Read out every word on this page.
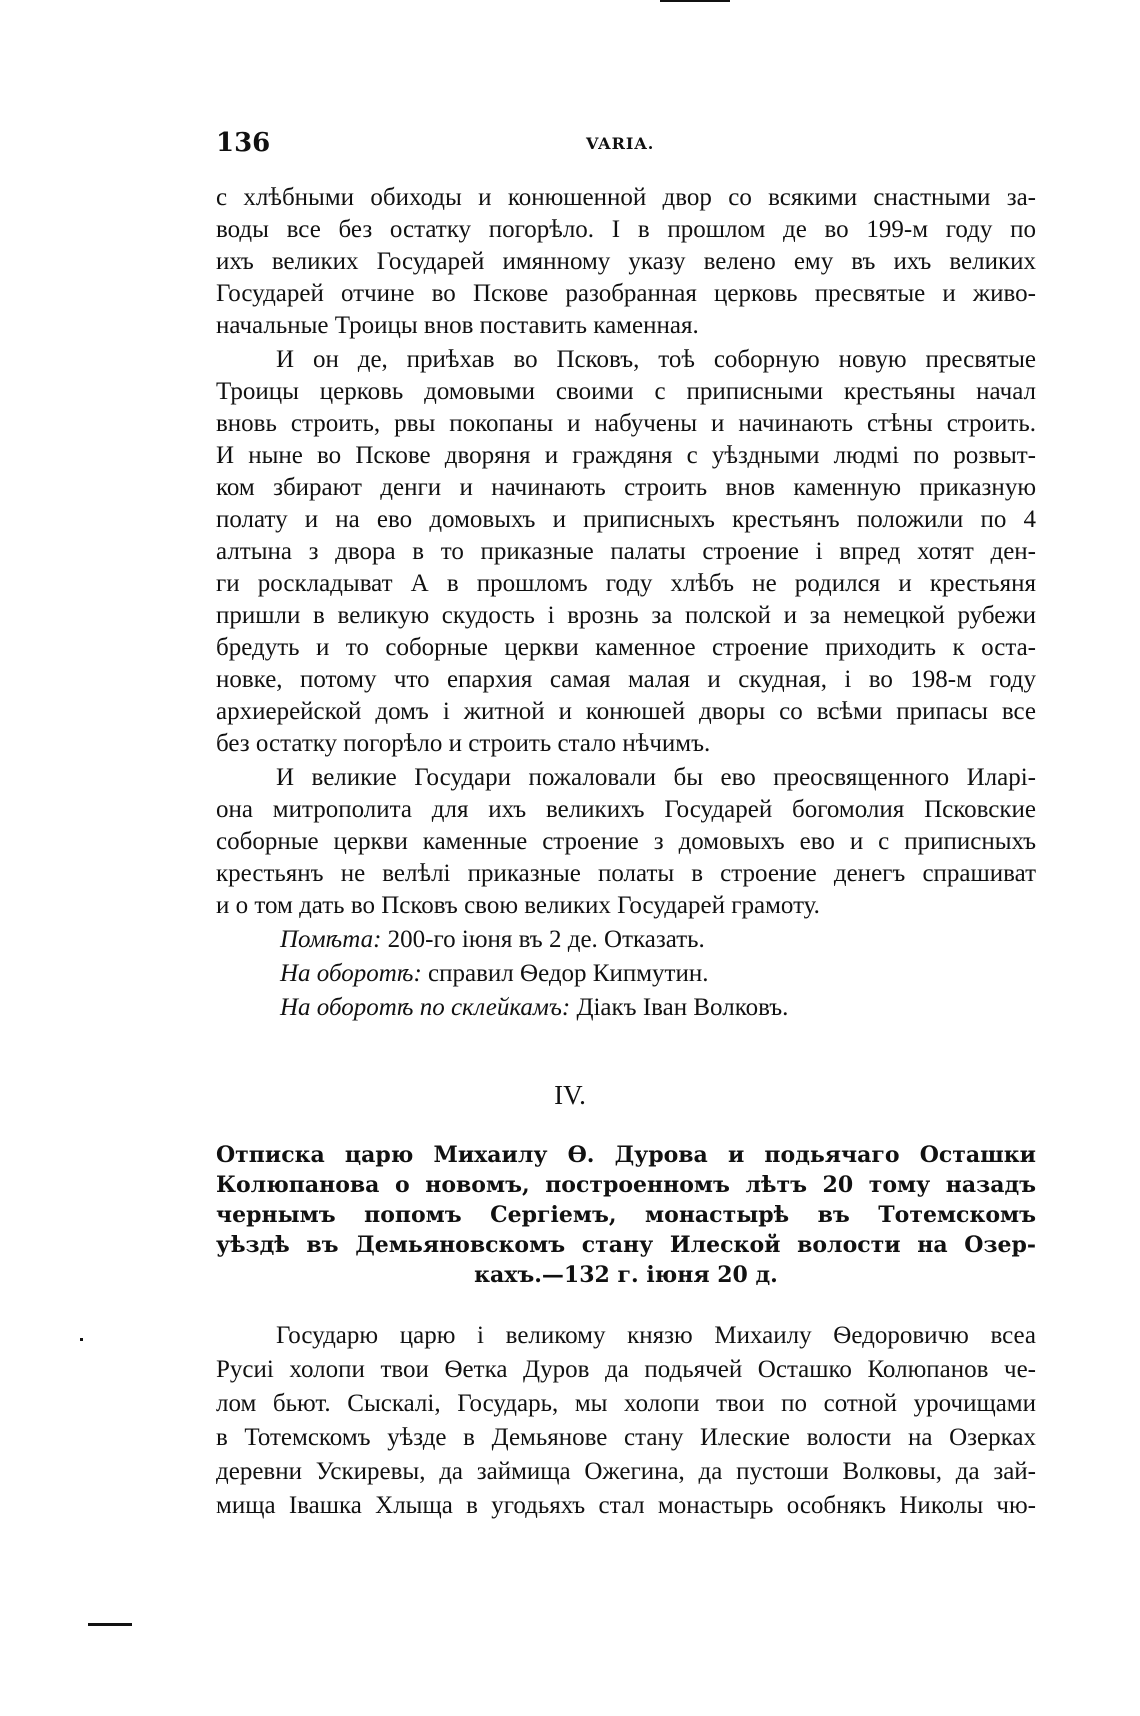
136	VARIA.
с хлѣбными обиходы и конюшенной двор со всякими снастными за-
воды все без остатку погорѣло. I в прошлом де во 199-м году по
ихъ великих Государей имянному указу велено ему въ ихъ великих
Государей отчине во Пскове разобранная церковь пресвятые и живо-
начальные Троицы внов поставить каменная.
И он де, приѣхав во Псковъ, тоѣ соборную новую пресвятые
Троицы церковь домовыми своими с приписными крестьяны начал
вновь строить, рвы покопаны и набучены и начинають стѣны строить.
И ныне во Пскове дворяня и граждяня с уѣздными людмі по розвыт-
ком збирают денги и начинають строить внов каменную приказную
полату и на ево домовыхъ и приписныхъ крестьянъ положили по 4
алтына з двора в то приказные палаты строение і впред хотят ден-
ги роскладыват А в прошломъ году хлѣбъ не родился и крестьяня
пришли в великую скудость і врознь за полской и за немецкой рубежи
бредуть и то соборные церкви каменное строение приходить к оста-
новке, потому что епархия самая малая и скудная, і во 198-м году
архиерейской домъ і житной и конюшей дворы со всѣми припасы все
без остатку погорѣло и строить стало нѣчимъ.
И великие Государи пожаловали бы ево преосвященного Иларі-
она митрополита для ихъ великихъ Государей богомолия Псковские
соборные церкви каменные строение з домовыхъ ево и с приписныхъ
крестьянъ не велѣлі приказные полаты в строение денегъ спрашиват
и о том дать во Псковъ свою великих Государей грамоту.
Помѣта: 200-го іюня въ 2 де. Отказать.
На оборотѣ: справил Ѳедор Кипмутин.
На оборотѣ по склейкамъ: Діакъ Іван Волковъ.
IV.
Отписка царю Михаилу Ѳ. Дурова и подьячаго Осташки
Колюпанова о новомъ, построенномъ лѣтъ 20 тому назадъ
чернымъ попомъ Сергіемъ, монастырѣ въ Тотемскомъ
уѣздѣ въ Демьяновскомъ стану Илеской волости на Озер-
кахъ.—132 г. іюня 20 д.
Государю царю і великому князю Михаилу Ѳедоровичю всеа
Русиі холопи твои Ѳетка Дуров да подьячей Осташко Колюпанов че-
лом бьют. Сыскалі, Государь, мы холопи твои по сотной урочищами
в Тотемскомъ уѣзде в Демьянове стану Илеские волости на Озерках
деревни Ускиревы, да займища Ожегина, да пустоши Волковы, да зай-
мища Івашка Хлыща в угодьяхъ стал монастырь особнякъ Николы чю-
